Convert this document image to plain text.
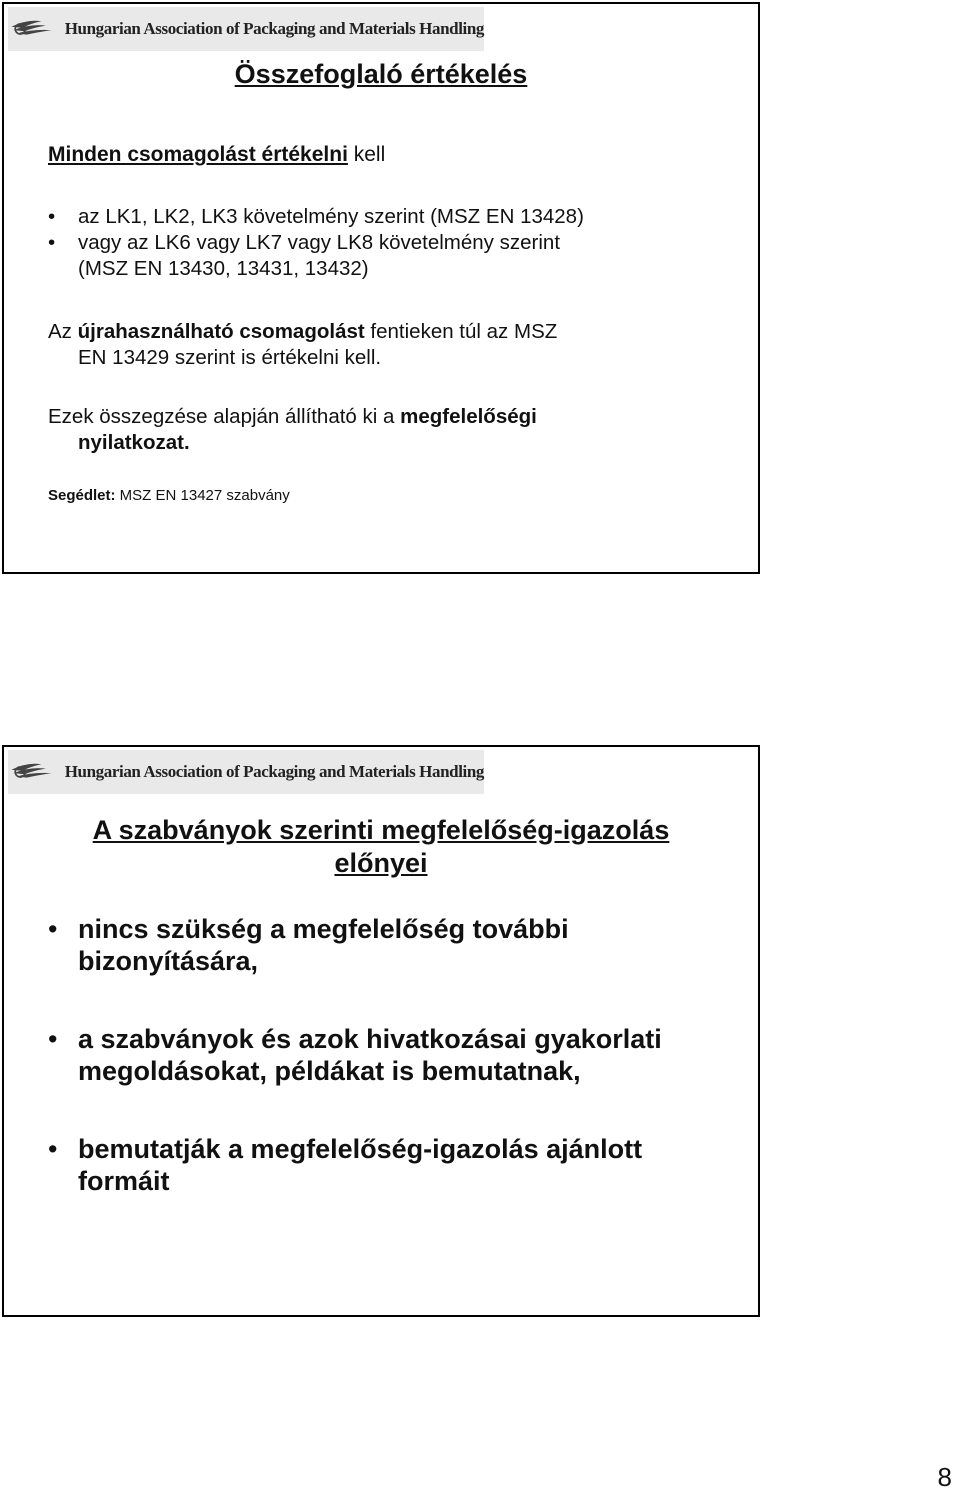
Hungarian Association of Packaging and Materials Handling
Összefoglaló értékelés
Minden csomagolást értékelni kell
• az LK1, LK2, LK3 követelmény szerint (MSZ EN 13428)
• vagy az LK6 vagy LK7 vagy LK8 követelmény szerint
(MSZ EN 13430, 13431, 13432)
Az újrahasználható csomagolást fentieken túl az MSZ
EN 13429 szerint is értékelni kell.
Ezek összegzése alapján állítható ki a megfelelőségi
nyilatkozat.
Segédlet: MSZ EN 13427 szabvány
Hungarian Association of Packaging and Materials Handling
A szabványok szerinti megfelelőség-igazolás
előnyei
• nincs szükség a megfelelőség további
bizonyítására,
• a szabványok és azok hivatkozásai gyakorlati
megoldásokat, példákat is bemutatnak,
• bemutatják a megfelelőség-igazolás ajánlott
formáit
8
